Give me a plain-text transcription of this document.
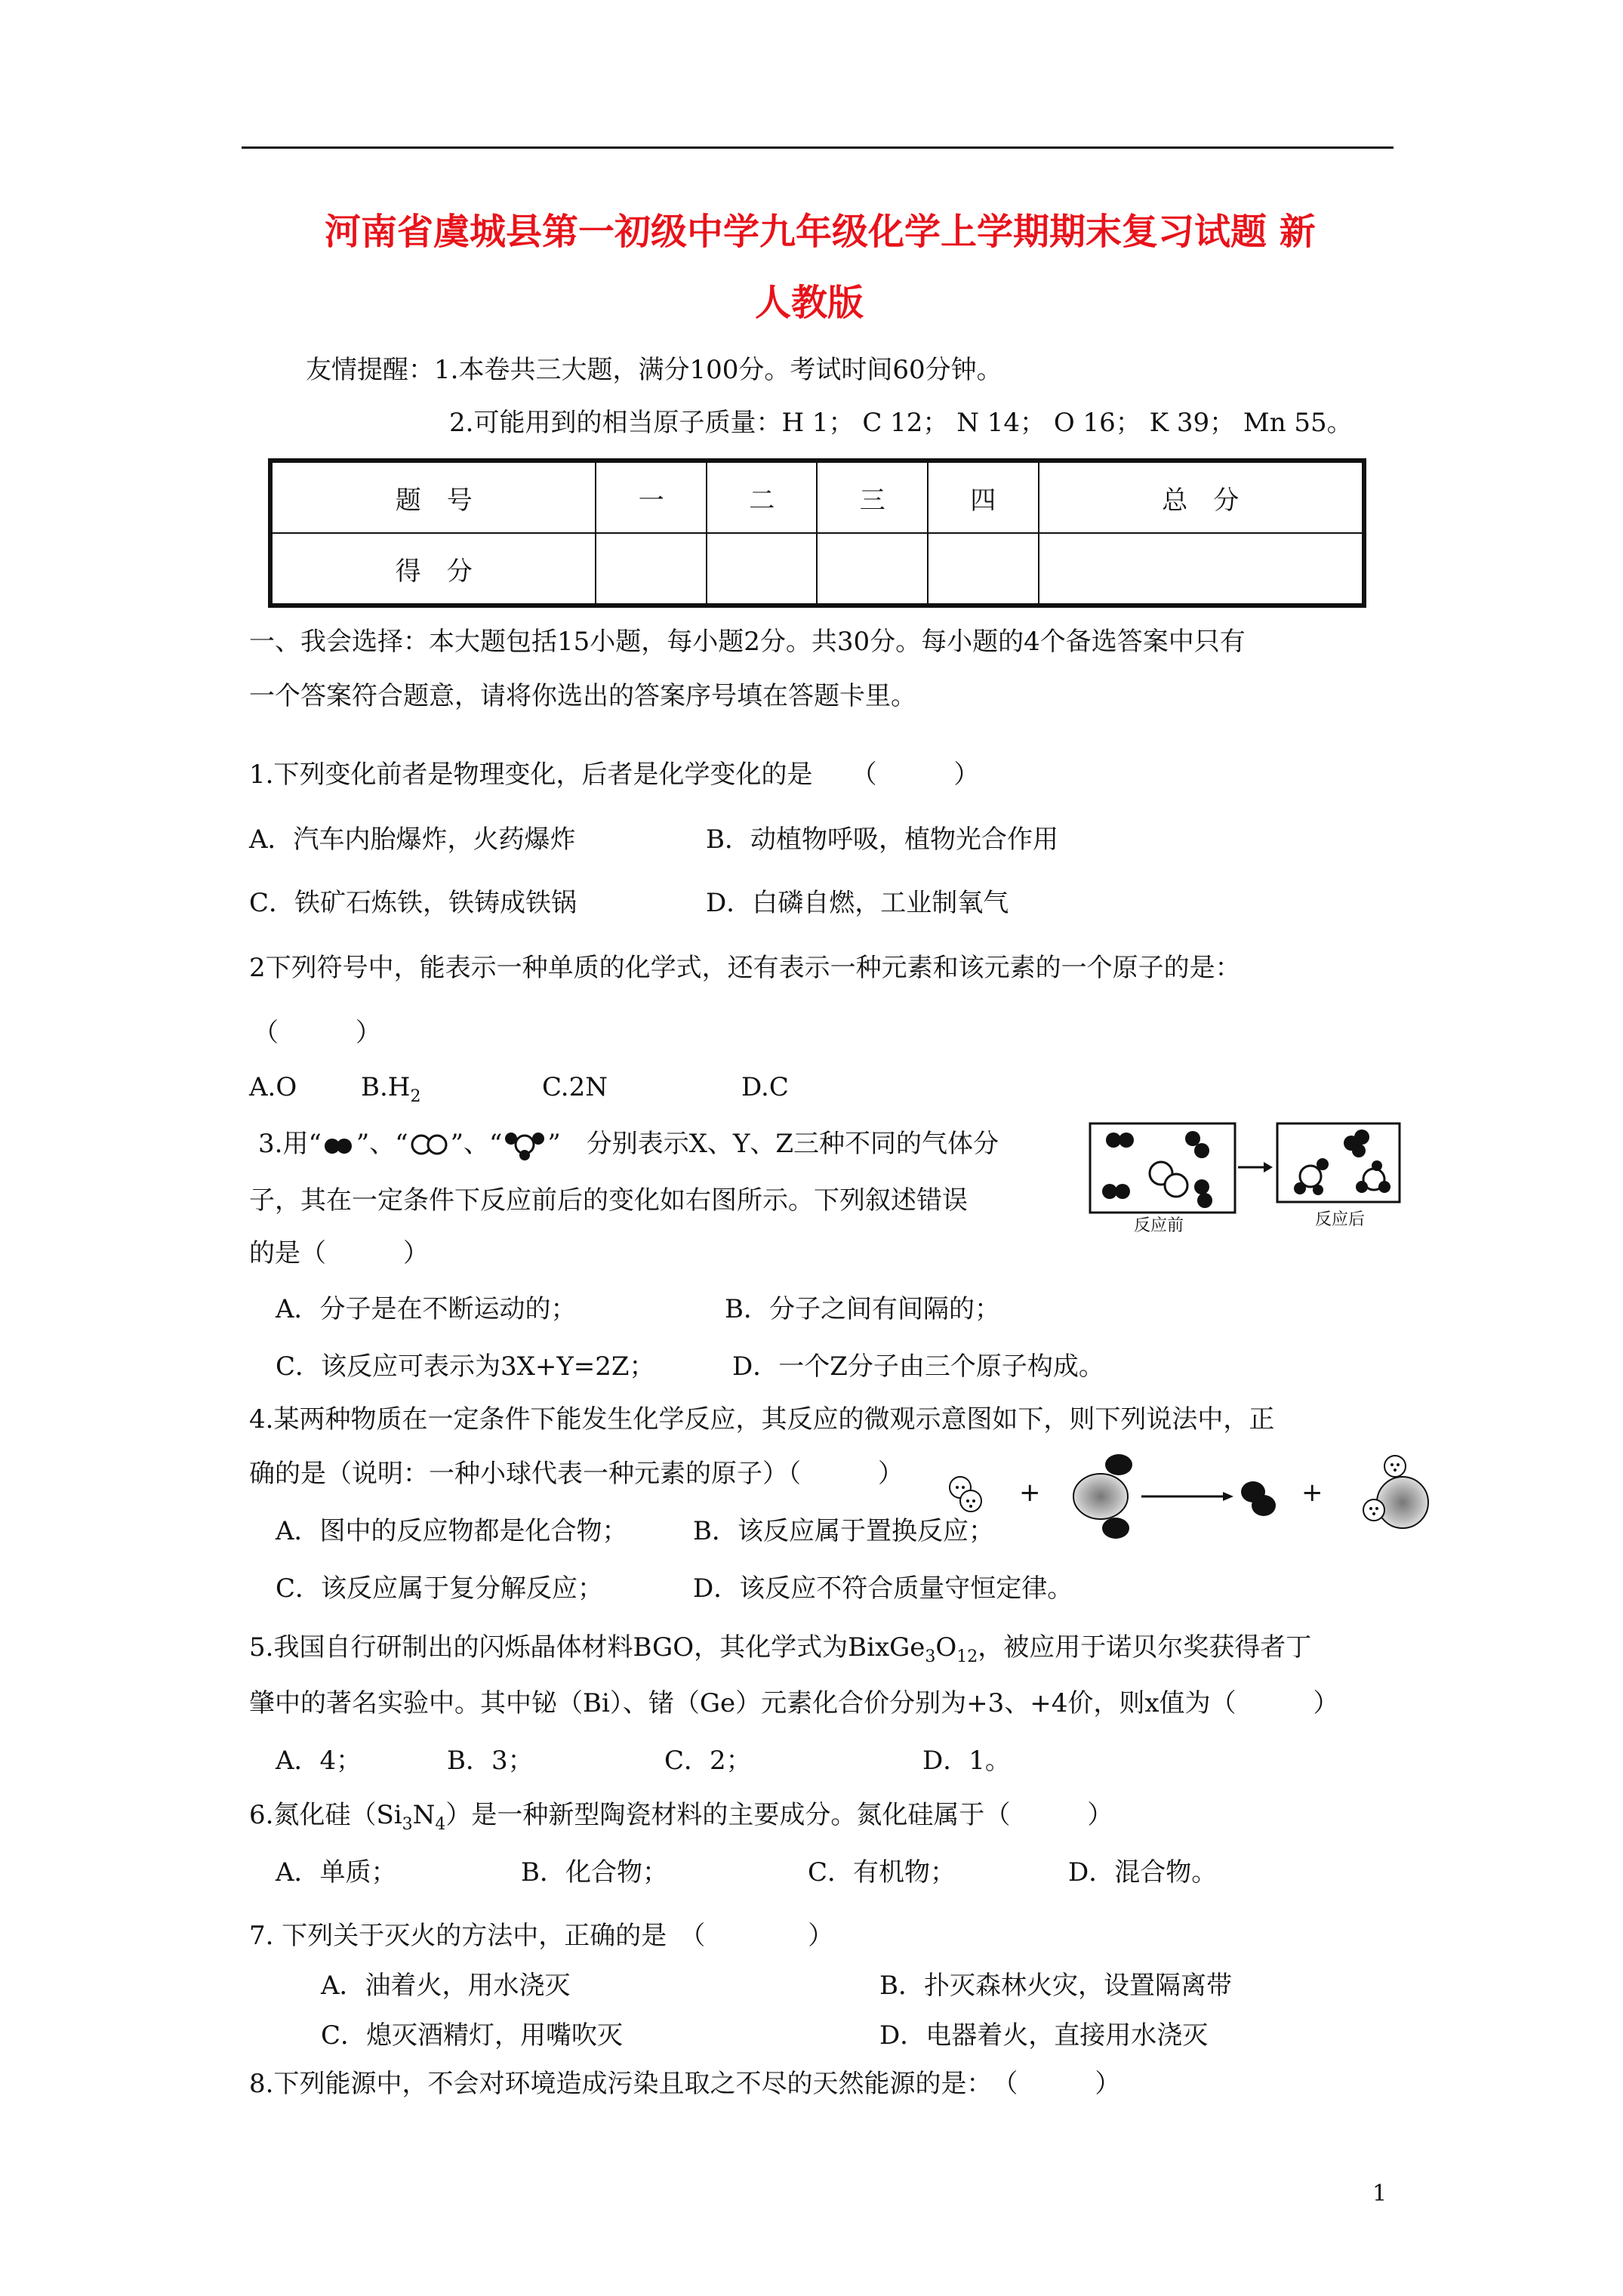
河南省虞城县第一初级中学九年级化学上学期期末复习试题 新
人教版
友情提醒：1.本卷共三大题，满分100分。考试时间60分钟。
2.可能用到的相当原子质量：H 1； C 12； N 14； O 16； K 39； Mn 55。
题　号	一	二	三	四	总　分
得　分					
一、我会选择：本大题包括15小题，每小题2分。共30分。每小题的4个备选答案中只有
一个答案符合题意，请将你选出的答案序号填在答题卡里。
1.下列变化前者是物理变化，后者是化学变化的是　　（　　　）
A．汽车内胎爆炸，火药爆炸	B．动植物呼吸，植物光合作用
C．铁矿石炼铁，铁铸成铁锅	D．白磷自燃，工业制氧气
2下列符号中，能表示一种单质的化学式，还有表示一种元素和该元素的一个原子的是：
（　　　）
A.O $B.H_2$	C.2N	D.C
3.用“ ”、“ ”、“ ”　分别表示X、Y、Z三种不同的气体分
子，其在一定条件下反应前后的变化如右图所示。下列叙述错误
的是（　　　）
A．分子是在不断运动的；	B．分子之间有间隔的；
C．该反应可表示为3X+Y=2Z；	D．一个Z分子由三个原子构成。
反应前	反应后
4.某两种物质在一定条件下能发生化学反应，其反应的微观示意图如下，则下列说法中，正
确的是（说明：一种小球代表一种元素的原子）（　　　）
A．图中的反应物都是化合物；	B．该反应属于置换反应；
C．该反应属于复分解反应；	D．该反应不符合质量守恒定律。
+	+
5.我国自行研制出的闪烁晶体材料BGO，其化学式为$BixGe_3O_{12}$，被应用于诺贝尔奖获得者丁
肇中的著名实验中。其中铋（Bi）、锗（Ge）元素化合价分别为+3、+4价，则x值为（　　　）
A．4；	B．3；	C．2；	D．1。
6.氮化硅$(Si_3N_4)$是一种新型陶瓷材料的主要成分。氮化硅属于（　　　）
A．单质；	B．化合物；	C．有机物；	D．混合物。
7. 下列关于灭火的方法中，正确的是　（　　　　）
A．油着火，用水浇灭	B．扑灭森林火灾，设置隔离带
C．熄灭酒精灯，用嘴吹灭	D．电器着火，直接用水浇灭
8.下列能源中，不会对环境造成污染且取之不尽的天然能源的是：　（　　　）
1
